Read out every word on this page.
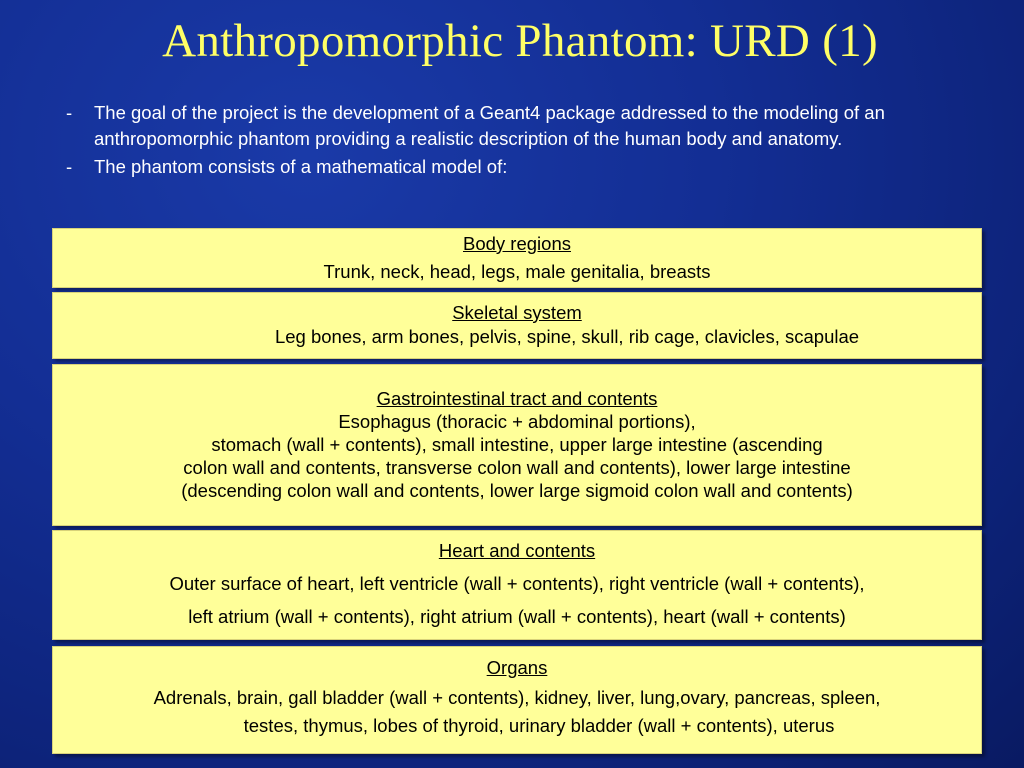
Anthropomorphic Phantom: URD (1)
- The goal of the project is the development of a Geant4 package addressed to the modeling of an anthropomorphic phantom providing a realistic description of the human body and anatomy.
- The phantom consists of a mathematical model of:
Body regions
Trunk, neck, head, legs, male genitalia, breasts
Skeletal system
Leg bones, arm bones, pelvis, spine, skull, rib cage, clavicles, scapulae
Gastrointestinal tract and contents
Esophagus (thoracic + abdominal portions),
stomach (wall + contents), small intestine, upper large intestine (ascending
colon wall and contents, transverse colon wall and contents), lower large intestine
(descending colon wall and contents, lower large sigmoid colon wall and contents)
Heart and contents
Outer surface of heart, left ventricle (wall + contents), right ventricle (wall + contents),
left atrium (wall + contents), right atrium (wall + contents), heart (wall + contents)
Organs
Adrenals, brain, gall bladder (wall + contents), kidney, liver, lung,ovary, pancreas, spleen,
testes, thymus, lobes of thyroid, urinary bladder (wall + contents), uterus
